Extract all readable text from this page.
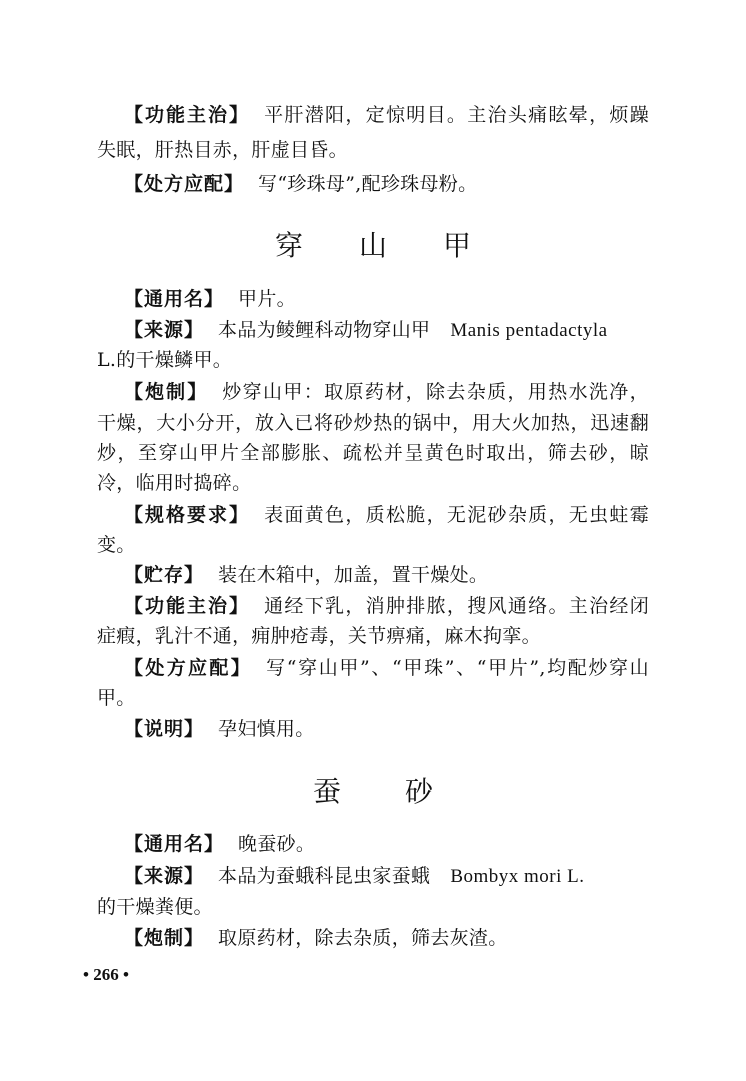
【功能主治】 平肝潜阳，定惊明目。主治头痛眩晕，烦躁
失眠，肝热目赤，肝虚目昏。
【处方应配】 写“珍珠母”,配珍珠母粉。
穿 山 甲
【通用名】 甲片。
【来源】 本品为鲮鲤科动物穿山甲 Manis pentadactyla
L.的干燥鳞甲。
【炮制】 炒穿山甲：取原药材，除去杂质，用热水洗净，
干燥，大小分开，放入已将砂炒热的锅中，用大火加热，迅速翻
炒，至穿山甲片全部膨胀、疏松并呈黄色时取出，筛去砂，晾
冷，临用时捣碎。
【规格要求】 表面黄色，质松脆，无泥砂杂质，无虫蛀霉
变。
【贮存】 装在木箱中，加盖，置干燥处。
【功能主治】 通经下乳，消肿排脓，搜风通络。主治经闭
症瘕，乳汁不通，痈肿疮毒，关节痹痛，麻木拘挛。
【处方应配】 写“穿山甲”、“甲珠”、“甲片”,均配炒穿山
甲。
【说明】 孕妇慎用。
蚕 砂
【通用名】 晚蚕砂。
【来源】 本品为蚕蛾科昆虫家蚕蛾 Bombyx mori L.
的干燥粪便。
【炮制】 取原药材，除去杂质，筛去灰渣。
• 266 •
